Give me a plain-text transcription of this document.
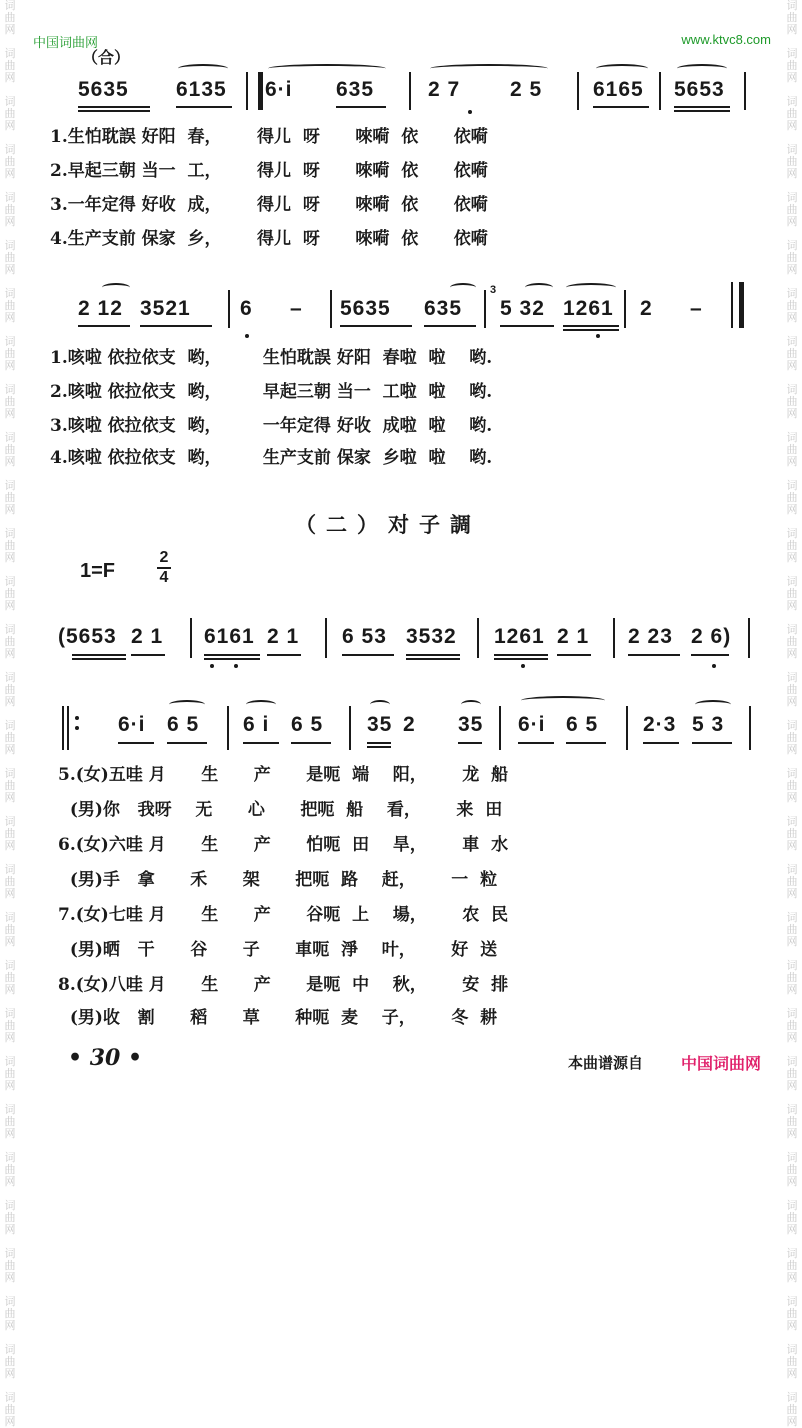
词
曲
网

词
曲
网

词
曲
网

词
曲
网

词
曲
网

词
曲
网

词
曲
网

词
曲
网

词
曲
网

词
曲
网

词
曲
网

词
曲
网

词
曲
网

词
曲
网

词
曲
网

词
曲
网

词
曲
网

词
曲
网

词
曲
网

词
曲
网

词
曲
网

词
曲
网

词
曲
网

词
曲
网

词
曲
网

词
曲
网

词
曲
网

词
曲
网

词
曲
网

词
曲
网
词
曲
网

词
曲
网

词
曲
网

词
曲
网

词
曲
网

词
曲
网

词
曲
网

词
曲
网

词
曲
网

词
曲
网

词
曲
网

词
曲
网

词
曲
网

词
曲
网

词
曲
网

词
曲
网

词
曲
网

词
曲
网

词
曲
网

词
曲
网

词
曲
网

词
曲
网

词
曲
网

词
曲
网

词
曲
网

词
曲
网

词
曲
网

词
曲
网

词
曲
网

词
曲
网
中国词曲网	www.ktvc8.com
（合）
5635 6135 6·i 635	2 7 2 5 6165 5653
1.生怕耽誤 好阳  春，      得儿  呀      唻嗬  依      依嗬
2.早起三朝 当一  工，      得儿  呀      唻嗬  依      依嗬
3.一年定得 好收  成，      得儿  呀      唻嗬  依      依嗬
4.生产支前 保家  乡，      得儿  呀      唻嗬  依      依嗬
2 12 3521 6 – 5635 635 5 32 1261 2 –
3
1.咳啦 依拉依支  哟，       生怕耽誤 好阳  春啦  啦    哟.
2.咳啦 依拉依支  哟，       早起三朝 当一  工啦  啦    哟.
3.咳啦 依拉依支  哟，       一年定得 好收  成啦  啦    哟.
4.咳啦 依拉依支  哟，       生产支前 保家  乡啦  啦    哟.
（二）对子調
1=F
2
4
(5653 2 1 6161 2 1 6 53 3532 1261 2 1 2 23 2 6)
6·i 6 5 6 i 6 5 35 2 35 6·i 6 5 2·3 5 3
5.(女)五哇 月      生      产      是呃  端    阳，      龙  船
(男)你   我呀    无      心      把呃  船    看，      来  田
6.(女)六哇 月      生      产      怕呃  田    旱，      車  水
(男)手   拿      禾      架      把呃  路    赶，      一  粒
7.(女)七哇 月      生      产      谷呃  上    場，      农  民
(男)晒   干      谷      子      車呃  淨    叶，      好  送
8.(女)八哇 月      生      产      是呃  中    秋，      安  排
(男)收   割      稻      草      种呃  麦    子，      冬  耕
• 30 •	本曲谱源自 中国词曲网
